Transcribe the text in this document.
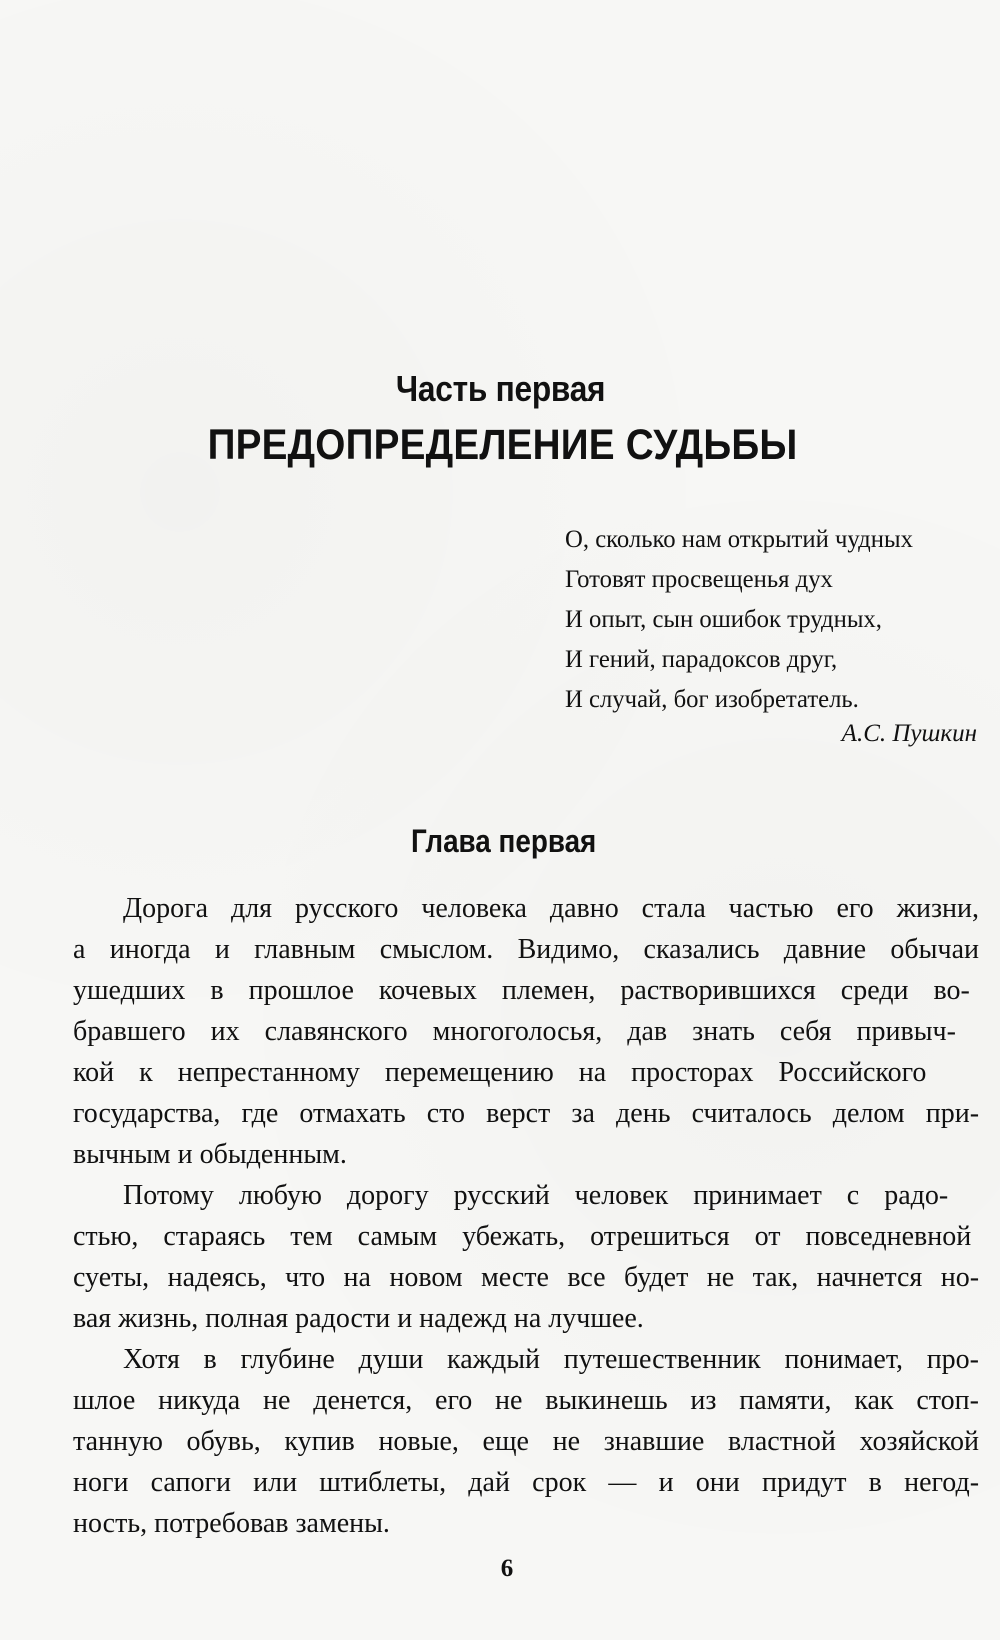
Часть первая
ПРЕДОПРЕДЕЛЕНИЕ СУДЬБЫ
О, сколько нам открытий чудных
Готовят просвещенья дух
И опыт, сын ошибок трудных,
И гений, парадоксов друг,
И случай, бог изобретатель.
А.С. Пушкин
Глава первая
Дорога для русского человека давно стала частью его жизни,
а иногда и главным смыслом. Видимо, сказались давние обычаи
ушедших в прошлое кочевых племен, растворившихся среди во-
бравшего их славянского многоголосья, дав знать себя привыч-
кой к непрестанному перемещению на просторах Российского
государства, где отмахать сто верст за день считалось делом при-
вычным и обыденным.
Потому любую дорогу русский человек принимает с радо-
стью, стараясь тем самым убежать, отрешиться от повседневной
суеты, надеясь, что на новом месте все будет не так, начнется но-
вая жизнь, полная радости и надежд на лучшее.
Хотя в глубине души каждый путешественник понимает, про-
шлое никуда не денется, его не выкинешь из памяти, как стоп-
танную обувь, купив новые, еще не знавшие властной хозяйской
ноги сапоги или штиблеты, дай срок — и они придут в негод-
ность, потребовав замены.
6
